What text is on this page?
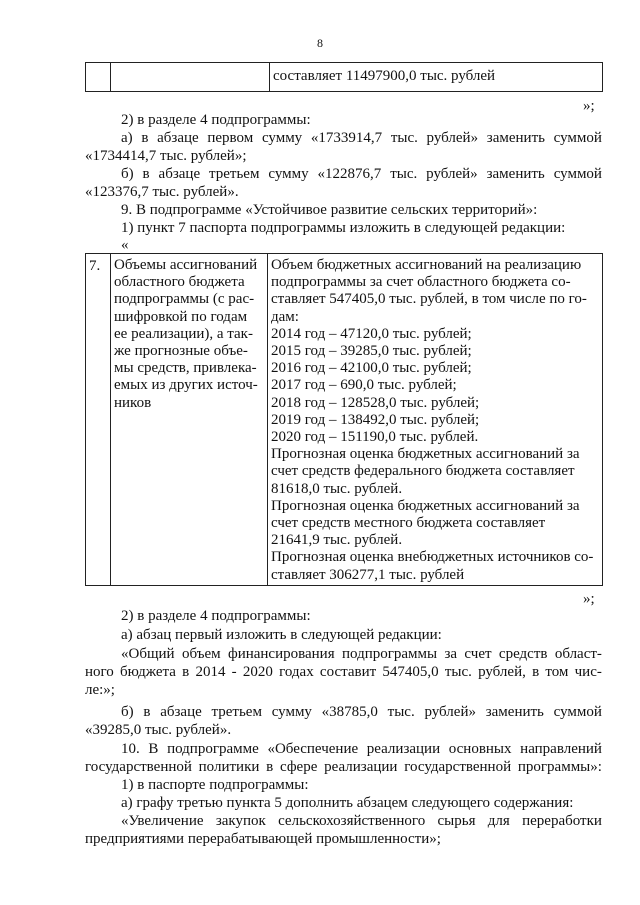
8
составляет 11497900,0 тыс. рублей
»;
2) в разделе 4 подпрограммы:
а) в абзаце первом сумму «1733914,7 тыс. рублей» заменить суммой
«1734414,7 тыс. рублей»;
б) в абзаце третьем сумму «122876,7 тыс. рублей» заменить суммой
«123376,7 тыс. рублей».
9. В подпрограмме «Устойчивое развитие сельских территорий»:
1) пункт 7 паспорта подпрограммы изложить в следующей редакции:
«
7. Объемы ассигнований
областного бюджета
подпрограммы (с рас-
шифровкой по годам
ее реализации), а так-
же прогнозные объе-
мы средств, привлека-
емых из других источ-
ников
Объем бюджетных ассигнований на реализацию
подпрограммы за счет областного бюджета со-
ставляет 547405,0 тыс. рублей, в том числе по го-
дам:
2014 год – 47120,0 тыс. рублей;
2015 год – 39285,0 тыс. рублей;
2016 год – 42100,0 тыс. рублей;
2017 год – 690,0 тыс. рублей;
2018 год – 128528,0 тыс. рублей;
2019 год – 138492,0 тыс. рублей;
2020 год – 151190,0 тыс. рублей.
Прогнозная оценка бюджетных ассигнований за
счет средств федерального бюджета составляет
81618,0 тыс. рублей.
Прогнозная оценка бюджетных ассигнований за
счет средств местного бюджета составляет
21641,9 тыс. рублей.
Прогнозная оценка внебюджетных источников со-
ставляет 306277,1 тыс. рублей
»;
2) в разделе 4 подпрограммы:
а) абзац первый изложить в следующей редакции:
«Общий объем финансирования подпрограммы за счет средств област-
ного бюджета в 2014 - 2020 годах составит 547405,0 тыс. рублей, в том чис-
ле:»;
б) в абзаце третьем сумму «38785,0 тыс. рублей» заменить суммой
«39285,0 тыс. рублей».
10. В подпрограмме «Обеспечение реализации основных направлений
государственной политики в сфере реализации государственной программы»:
1) в паспорте подпрограммы:
а) графу третью пункта 5 дополнить абзацем следующего содержания:
«Увеличение закупок сельскохозяйственного сырья для переработки
предприятиями перерабатывающей промышленности»;
